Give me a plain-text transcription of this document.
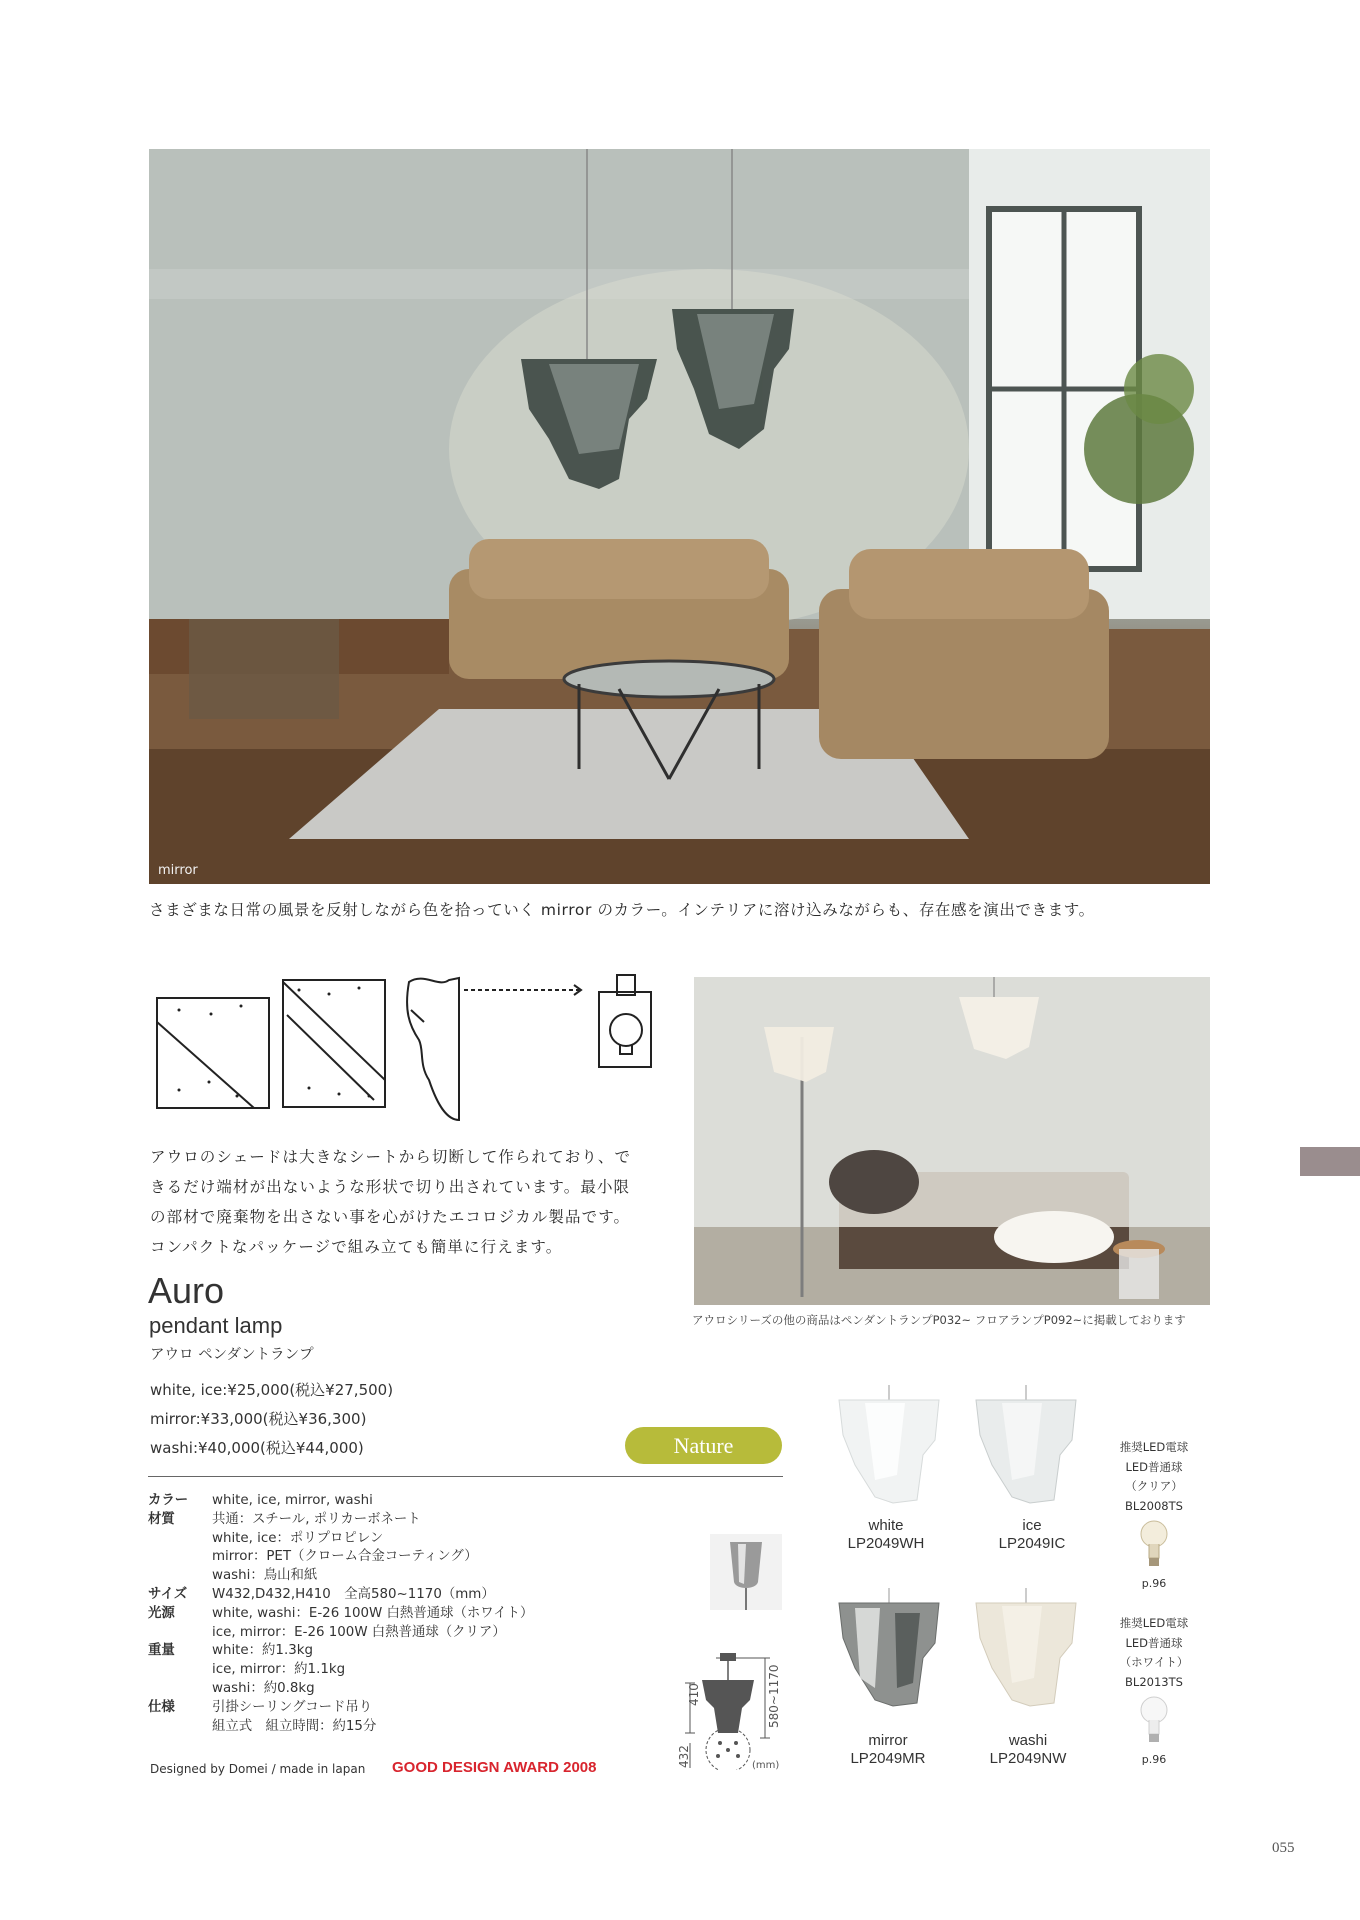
mirror
さまざまな日常の風景を反射しながら色を拾っていく mirror のカラー。インテリアに溶け込みながらも、存在感を演出できます。
アウロのシェードは大きなシートから切断して作られており、で
きるだけ端材が出ないような形状で切り出されています。最小限
の部材で廃棄物を出さない事を心がけたエコロジカル製品です。
コンパクトなパッケージで組み立ても簡単に行えます。
アウロシリーズの他の商品はペンダントランプP032~ フロアランプP092~に掲載しております
Auro
pendant lamp
アウロ ペンダントランプ
white, ice:¥25,000(税込¥27,500)
mirror:¥33,000(税込¥36,300)
washi:¥40,000(税込¥44,000)	Nature
カラー	white, ice, mirror, washi
材質	共通：スチール, ポリカーボネート
white, ice：ポリプロピレン
mirror：PET（クローム合金コーティング）
washi：鳥山和紙
サイズ	W432,D432,H410　全高580~1170（mm）
光源	white, washi：E-26 100W 白熱普通球（ホワイト）
ice, mirror：E-26 100W 白熱普通球（クリア）
重量	white：約1.3kg
ice, mirror：約1.1kg
washi：約0.8kg
仕様	引掛シーリングコード吊り
組立式　組立時間：約15分
Designed by Domei / made in lapan GOOD DESIGN AWARD 2008
410	580~1170
432	(mm)
white
LP2049WH
ice
LP2049IC
mirror
LP2049MR
washi
LP2049NW
推奨LED電球
LED普通球
（クリア）
BL2008TS
p.96
推奨LED電球
LED普通球
（ホワイト）
BL2013TS
p.96
055
